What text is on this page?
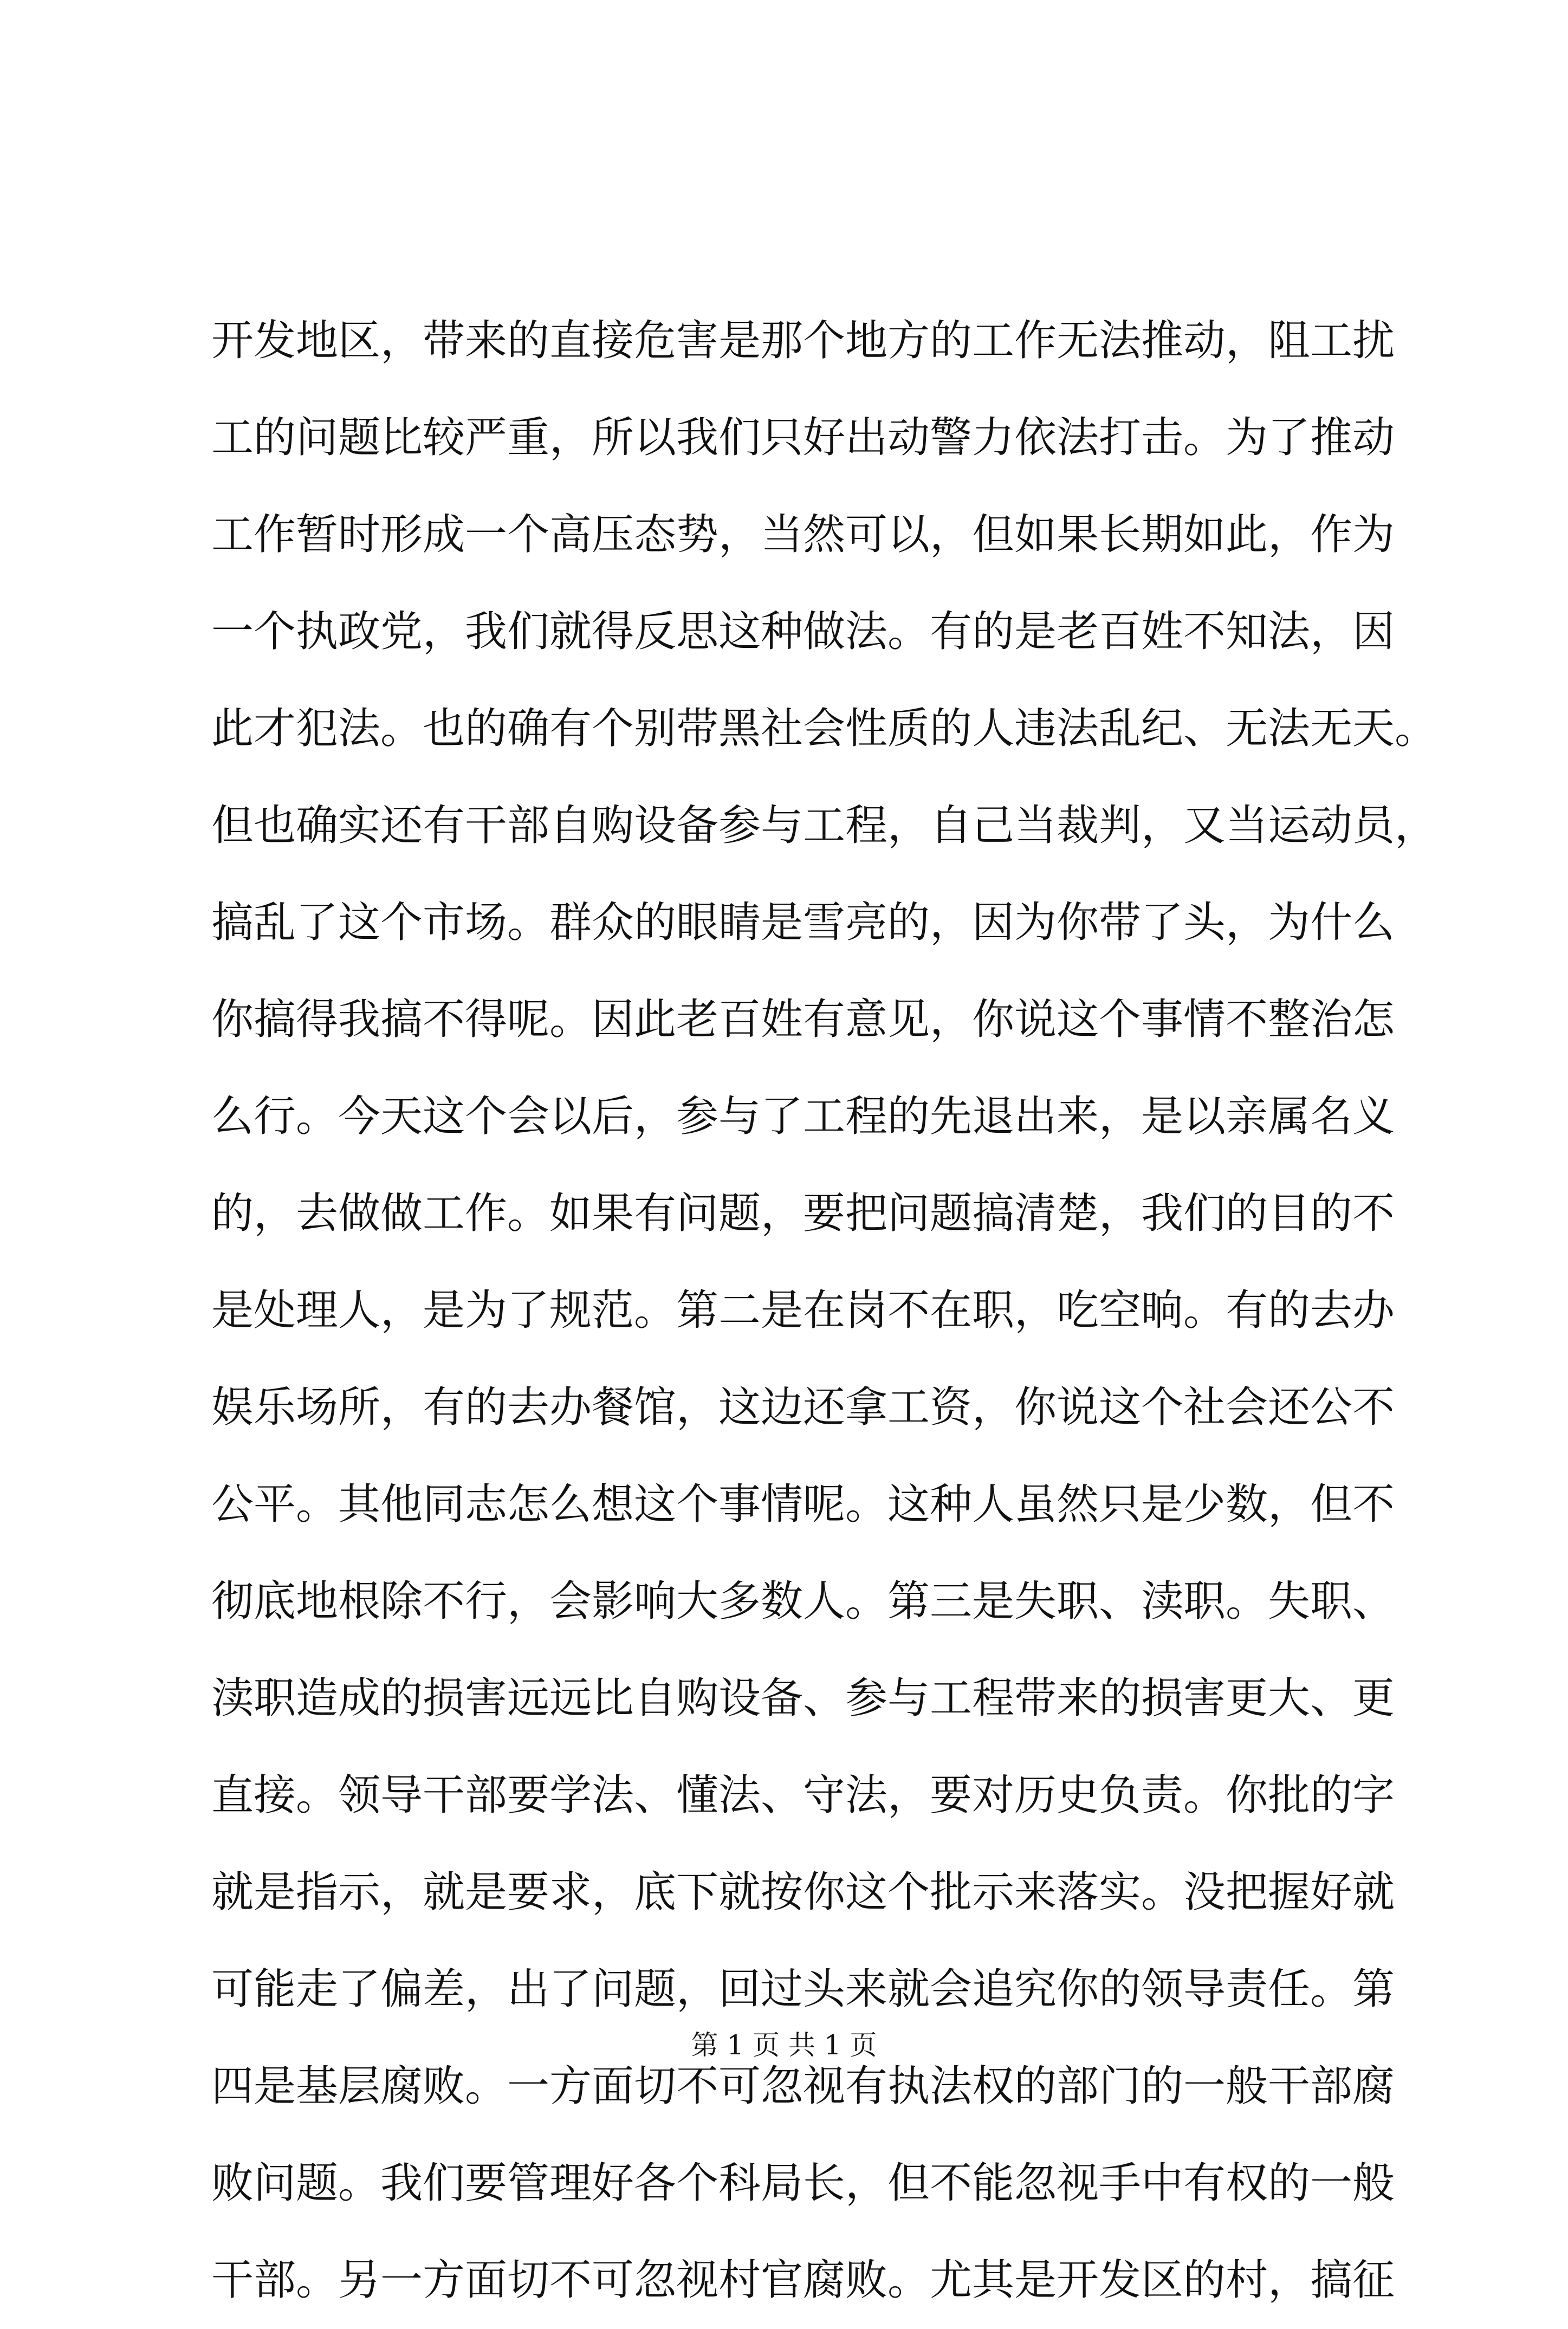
开发地区，带来的直接危害是那个地方的工作无法推动，阻工扰
工的问题比较严重，所以我们只好出动警力依法打击。为了推动
工作暂时形成一个高压态势，当然可以，但如果长期如此，作为
一个执政党，我们就得反思这种做法。有的是老百姓不知法，因
此才犯法。也的确有个别带黑社会性质的人违法乱纪、无法无天。
但也确实还有干部自购设备参与工程，自己当裁判，又当运动员，
搞乱了这个市场。群众的眼睛是雪亮的，因为你带了头，为什么
你搞得我搞不得呢。因此老百姓有意见，你说这个事情不整治怎
么行。今天这个会以后，参与了工程的先退出来，是以亲属名义
的，去做做工作。如果有问题，要把问题搞清楚，我们的目的不
是处理人，是为了规范。第二是在岗不在职，吃空晌。有的去办
娱乐场所，有的去办餐馆，这边还拿工资，你说这个社会还公不
公平。其他同志怎么想这个事情呢。这种人虽然只是少数，但不
彻底地根除不行，会影响大多数人。第三是失职、渎职。失职、
渎职造成的损害远远比自购设备、参与工程带来的损害更大、更
直接。领导干部要学法、懂法、守法，要对历史负责。你批的字
就是指示，就是要求，底下就按你这个批示来落实。没把握好就
可能走了偏差，出了问题，回过头来就会追究你的领导责任。第
四是基层腐败。一方面切不可忽视有执法权的部门的一般干部腐
败问题。我们要管理好各个科局长，但不能忽视手中有权的一般
干部。另一方面切不可忽视村官腐败。尤其是开发区的村，搞征
第 1 页 共 1 页
